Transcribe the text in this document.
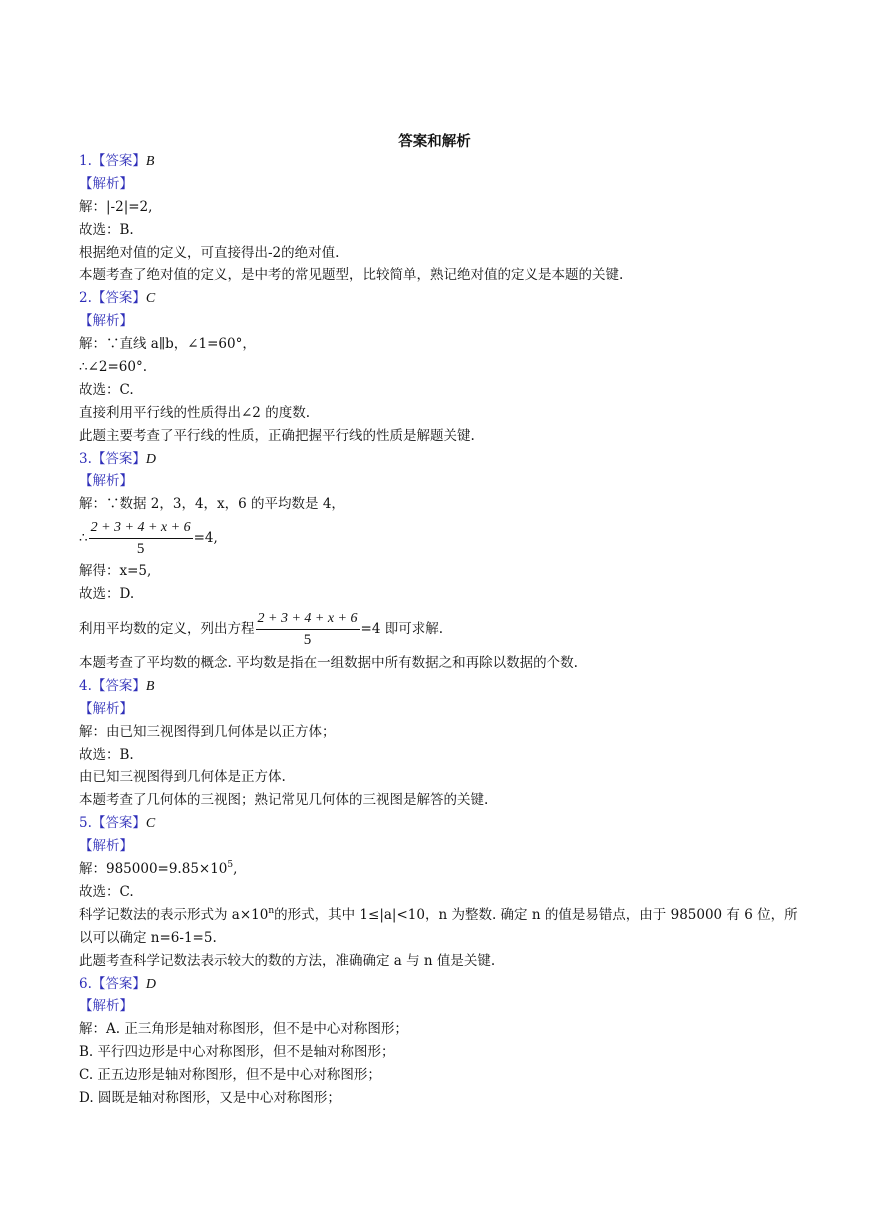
答案和解析
1.【答案】B
【解析】
解：|-2|=2,
故选：B.
根据绝对值的定义，可直接得出-2的绝对值.
本题考查了绝对值的定义，是中考的常见题型，比较简单，熟记绝对值的定义是本题的关键.
2.【答案】C
【解析】
解：∵直线 a∥b，∠1=60°，
∴∠2=60°.
故选：C.
直接利用平行线的性质得出∠2 的度数.
此题主要考查了平行线的性质，正确把握平行线的性质是解题关键.
3.【答案】D
【解析】
解：∵数据 2，3，4，x，6 的平均数是 4，
∴ $\frac{2 + 3 + 4 + x + 6}{5} =4$,
解得：x=5,
故选：D.
利用平均数的定义，列出方程 $\frac{2 + 3 + 4 + x + 6}{5} =4$ 即可求解.
本题考查了平均数的概念. 平均数是指在一组数据中所有数据之和再除以数据的个数.
4.【答案】B
【解析】
解：由已知三视图得到几何体是以正方体；
故选：B.
由已知三视图得到几何体是正方体.
本题考查了几何体的三视图；熟记常见几何体的三视图是解答的关键.
5.【答案】C
【解析】
解：$985000=9.85\times 10^5$,
故选：C.
科学记数法的表示形式为 $a\times 10^n$的形式，其中 1≤|a|<10，n 为整数. 确定 n 的值是易错点，由于 985000 有 6 位，所以可以确定 n=6-1=5.
此题考查科学记数法表示较大的数的方法，准确确定 a 与 n 值是关键.
6.【答案】D
【解析】
解：A. 正三角形是轴对称图形，但不是中心对称图形；
B. 平行四边形是中心对称图形，但不是轴对称图形；
C. 正五边形是轴对称图形，但不是中心对称图形；
D. 圆既是轴对称图形，又是中心对称图形；
